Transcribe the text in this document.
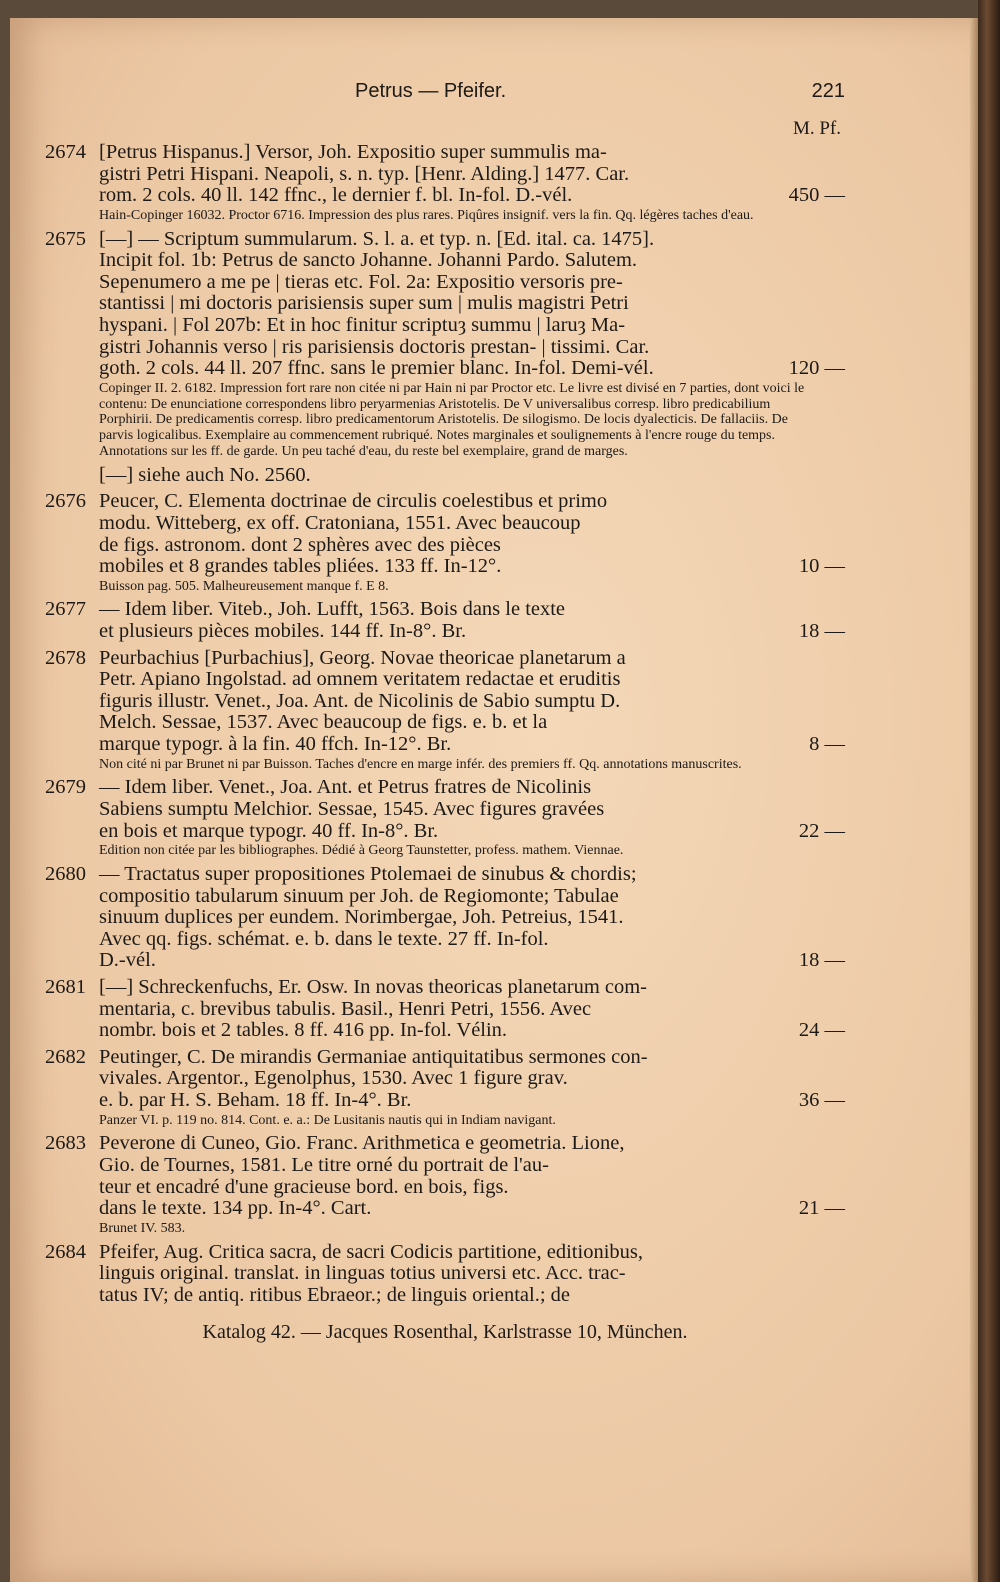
Petrus — Pfeifer.	221
M. Pf.
2674 [Petrus Hispanus.] Versor, Joh. Expositio super summulis ma-
gistri Petri Hispani. Neapoli, s. n. typ. [Henr. Alding.] 1477. Car.
rom. 2 cols. 40 ll. 142 ffnc., le dernier f. bl. In-fol. D.-vél.	450 —
Hain-Copinger 16032. Proctor 6716. Impression des plus rares. Piqûres insignif. vers la fin. Qq. légères taches d'eau.
2675 [—] — Scriptum summularum. S. l. a. et typ. n. [Ed. ital. ca. 1475].
Incipit fol. 1b: Petrus de sancto Johanne. Johanni Pardo. Salutem.
Sepenumero a me pe | tieras etc. Fol. 2a: Expositio versoris pre-
stantissi | mi doctoris parisiensis super sum | mulis magistri Petri
hyspani. | Fol 207b: Et in hoc finitur scriptuȝ summu | laruȝ Ma-
gistri Johannis verso | ris parisiensis doctoris prestan- | tissimi. Car.
goth. 2 cols. 44 ll. 207 ffnc. sans le premier blanc. In-fol. Demi-vél.	120 —
Copinger II. 2. 6182. Impression fort rare non citée ni par Hain ni par Proctor etc. Le livre est divisé en 7 parties, dont voici le contenu: De enunciatione correspondens libro peryarmenias Aristotelis. De V universalibus corresp. libro predicabilium Porphirii. De predicamentis corresp. libro predicamentorum Aristotelis. De silogismo. De locis dyalecticis. De fallaciis. De parvis logicalibus. Exemplaire au commencement rubriqué. Notes marginales et soulignements à l'encre rouge du temps. Annotations sur les ff. de garde. Un peu taché d'eau, du reste bel exemplaire, grand de marges.
[—] siehe auch No. 2560.
2676 Peucer, C. Elementa doctrinae de circulis coelestibus et primo
modu. Witteberg, ex off. Cratoniana, 1551. Avec beaucoup
de figs. astronom. dont 2 sphères avec des pièces
mobiles et 8 grandes tables pliées. 133 ff. In-12°.	10 —
Buisson pag. 505. Malheureusement manque f. E 8.
2677 — Idem liber. Viteb., Joh. Lufft, 1563. Bois dans le texte
et plusieurs pièces mobiles. 144 ff. In-8°. Br.	18 —
2678 Peurbachius [Purbachius], Georg. Novae theoricae planetarum a
Petr. Apiano Ingolstad. ad omnem veritatem redactae et eruditis
figuris illustr. Venet., Joa. Ant. de Nicolinis de Sabio sumptu D.
Melch. Sessae, 1537. Avec beaucoup de figs. e. b. et la
marque typogr. à la fin. 40 ffch. In-12°. Br.	8 —
Non cité ni par Brunet ni par Buisson. Taches d'encre en marge infér. des premiers ff. Qq. annotations manuscrites.
2679 — Idem liber. Venet., Joa. Ant. et Petrus fratres de Nicolinis
Sabiens sumptu Melchior. Sessae, 1545. Avec figures gravées
en bois et marque typogr. 40 ff. In-8°. Br.	22 —
Edition non citée par les bibliographes. Dédié à Georg Taunstetter, profess. mathem. Viennae.
2680 — Tractatus super propositiones Ptolemaei de sinubus & chordis;
compositio tabularum sinuum per Joh. de Regiomonte; Tabulae
sinuum duplices per eundem. Norimbergae, Joh. Petreius, 1541.
Avec qq. figs. schémat. e. b. dans le texte. 27 ff. In-fol.
D.-vél.	18 —
2681 [—] Schreckenfuchs, Er. Osw. In novas theoricas planetarum com-
mentaria, c. brevibus tabulis. Basil., Henri Petri, 1556. Avec
nombr. bois et 2 tables. 8 ff. 416 pp. In-fol. Vélin.	24 —
2682 Peutinger, C. De mirandis Germaniae antiquitatibus sermones con-
vivales. Argentor., Egenolphus, 1530. Avec 1 figure grav.
e. b. par H. S. Beham. 18 ff. In-4°. Br.	36 —
Panzer VI. p. 119 no. 814. Cont. e. a.: De Lusitanis nautis qui in Indiam navigant.
2683 Peverone di Cuneo, Gio. Franc. Arithmetica e geometria. Lione,
Gio. de Tournes, 1581. Le titre orné du portrait de l'au-
teur et encadré d'une gracieuse bord. en bois, figs.
dans le texte. 134 pp. In-4°. Cart.	21 —
Brunet IV. 583.
2684 Pfeifer, Aug. Critica sacra, de sacri Codicis partitione, editionibus,
linguis original. translat. in linguas totius universi etc. Acc. trac-
tatus IV; de antiq. ritibus Ebraeor.; de linguis oriental.; de
Katalog 42. — Jacques Rosenthal, Karlstrasse 10, München.
